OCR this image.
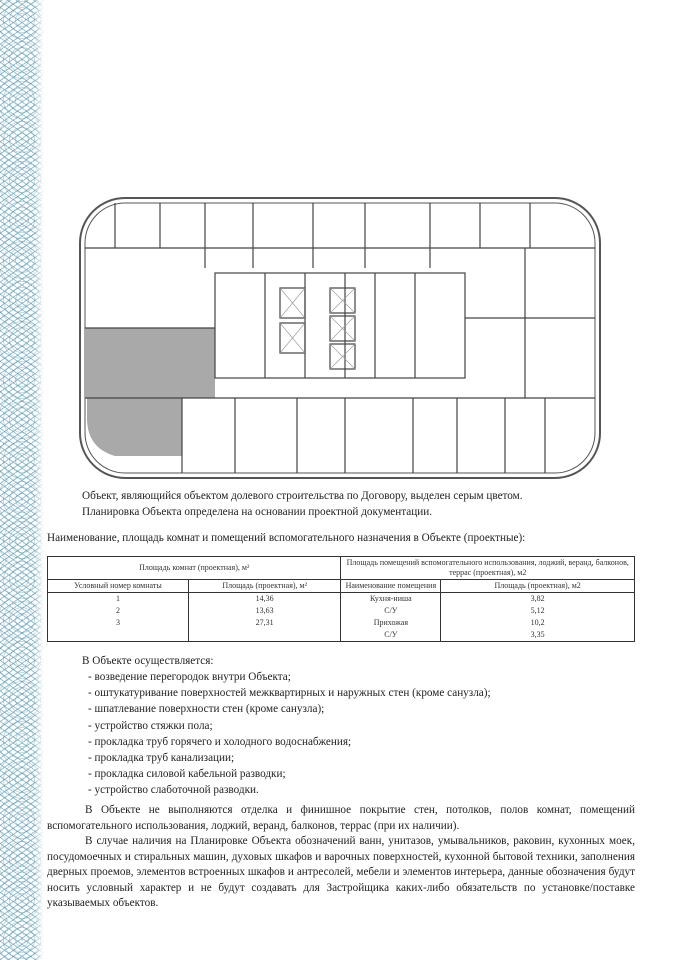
Объект, являющийся объектом долевого строительства по Договору, выделен серым цветом.
Планировка Объекта определена на основании проектной документации.
Наименование, площадь комнат и помещений вспомогательного назначения в Объекте (проектные):
Площадь комнат (проектная), м²		Площадь помещений вспомогательного использования, лоджий, веранд, балконов, террас (проектная), м2	
Условный номер комнаты	Площадь (проектная), м²	Наименование помещения	Площадь (проектная), м2
1	14,36	Кухня-ниша	3,82
2	13,63	С/У	5,12
3	27,31	Прихожая	10,2
		С/У	3,35
В Объекте осуществляется:
- возведение перегородок внутри Объекта;
- оштукатуривание поверхностей межквартирных и наружных стен (кроме санузла);
- шпатлевание поверхности стен (кроме санузла);
- устройство стяжки пола;
- прокладка труб горячего и холодного водоснабжения;
- прокладка труб канализации;
- прокладка силовой кабельной разводки;
- устройство слаботочной разводки.

В Объекте не выполняются отделка и финишное покрытие стен, потолков, полов комнат, помещений вспомогательного использования, лоджий, веранд, балконов, террас (при их наличии).

В случае наличия на Планировке Объекта обозначений ванн, унитазов, умывальников, раковин, кухонных моек, посудомоечных и стиральных машин, духовых шкафов и варочных поверхностей, кухонной бытовой техники, заполнения дверных проемов, элементов встроенных шкафов и антресолей, мебели и элементов интерьера, данные обозначения будут носить условный характер и не будут создавать для Застройщика каких-либо обязательств по установке/поставке указываемых объектов.
